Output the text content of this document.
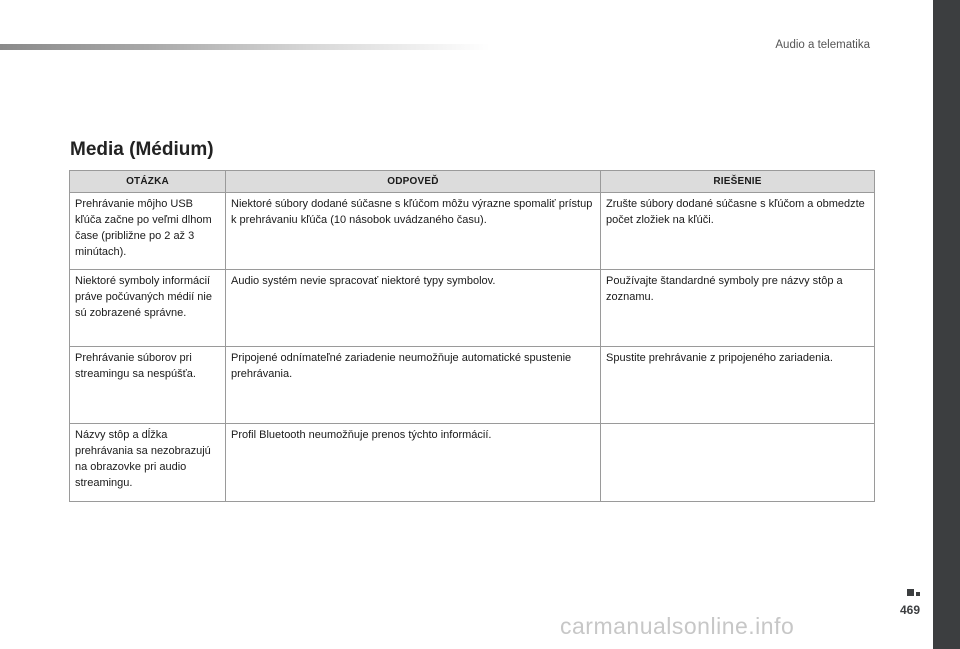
Audio a telematika
Media (Médium)
OTÁZKA	ODPOVEĎ	RIEŠENIE
Prehrávanie môjho USB kľúča začne po veľmi dlhom čase (približne po 2 až 3 minútach).	Niektoré súbory dodané súčasne s kľúčom môžu výrazne spomaliť prístup k prehrávaniu kľúča (10 násobok uvádzaného času).	Zrušte súbory dodané súčasne s kľúčom a obmedzte počet zložiek na kľúči.
Niektoré symboly informácií práve počúvaných médií nie sú zobrazené správne.	Audio systém nevie spracovať niektoré typy symbolov.	Používajte štandardné symboly pre názvy stôp a zoznamu.
Prehrávanie súborov pri streamingu sa nespúšťa.	Pripojené odnímateľné zariadenie neumožňuje automatické spustenie prehrávania.	Spustite prehrávanie z pripojeného zariadenia.
Názvy stôp a dĺžka prehrávania sa nezobrazujú na obrazovke pri audio streamingu.	Profil Bluetooth neumožňuje prenos týchto informácií.	
469
carmanualsonline.info
